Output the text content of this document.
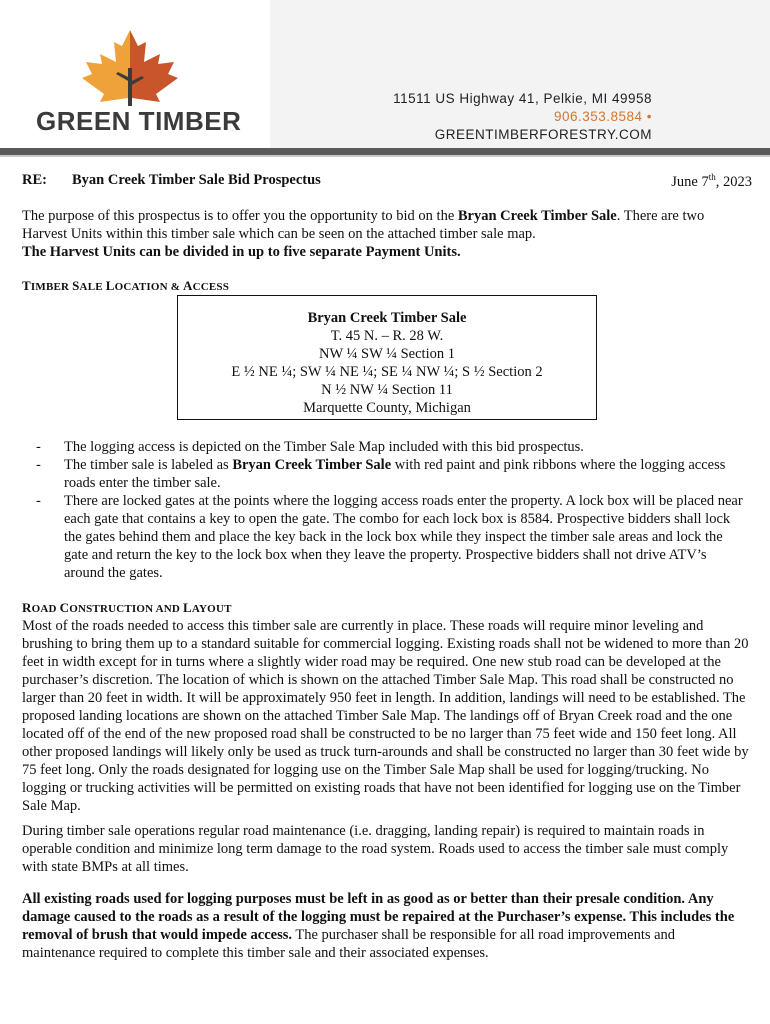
GREEN TIMBER
11511 US Highway 41, Pelkie, MI 49958
906.353.8584 •
GREENTIMBERFORESTRY.COM
RE: Byan Creek Timber Sale Bid Prospectus	June 7th, 2023
The purpose of this prospectus is to offer you the opportunity to bid on the Bryan Creek Timber Sale. There are two Harvest Units within this timber sale which can be seen on the attached timber sale map.
The Harvest Units can be divided in up to five separate Payment Units.
TIMBER SALE LOCATION & ACCESS
Bryan Creek Timber Sale
T. 45 N. – R. 28 W.
NW ¼ SW ¼ Section 1
E ½ NE ¼; SW ¼ NE ¼; SE ¼ NW ¼; S ½ Section 2
N ½ NW ¼ Section 11
Marquette County, Michigan
- The logging access is depicted on the Timber Sale Map included with this bid prospectus.
- The timber sale is labeled as Bryan Creek Timber Sale with red paint and pink ribbons where the logging access roads enter the timber sale.
- There are locked gates at the points where the logging access roads enter the property. A lock box will be placed near each gate that contains a key to open the gate. The combo for each lock box is 8584. Prospective bidders shall lock the gates behind them and place the key back in the lock box while they inspect the timber sale areas and lock the gate and return the key to the lock box when they leave the property. Prospective bidders shall not drive ATV’s around the gates.
ROAD CONSTRUCTION AND LAYOUT
Most of the roads needed to access this timber sale are currently in place. These roads will require minor leveling and brushing to bring them up to a standard suitable for commercial logging. Existing roads shall not be widened to more than 20 feet in width except for in turns where a slightly wider road may be required. One new stub road can be developed at the purchaser’s discretion. The location of which is shown on the attached Timber Sale Map. This road shall be constructed no larger than 20 feet in width. It will be approximately 950 feet in length. In addition, landings will need to be established. The proposed landing locations are shown on the attached Timber Sale Map. The landings off of Bryan Creek road and the one located off of the end of the new proposed road shall be constructed to be no larger than 75 feet wide and 150 feet long. All other proposed landings will likely only be used as truck turn-arounds and shall be constructed no larger than 30 feet wide by 75 feet long. Only the roads designated for logging use on the Timber Sale Map shall be used for logging/trucking. No logging or trucking activities will be permitted on existing roads that have not been identified for logging use on the Timber Sale Map.
During timber sale operations regular road maintenance (i.e. dragging, landing repair) is required to maintain roads in operable condition and minimize long term damage to the road system. Roads used to access the timber sale must comply with state BMPs at all times.
All existing roads used for logging purposes must be left in as good as or better than their presale condition. Any damage caused to the roads as a result of the logging must be repaired at the Purchaser’s expense. This includes the removal of brush that would impede access. The purchaser shall be responsible for all road improvements and maintenance required to complete this timber sale and their associated expenses.
